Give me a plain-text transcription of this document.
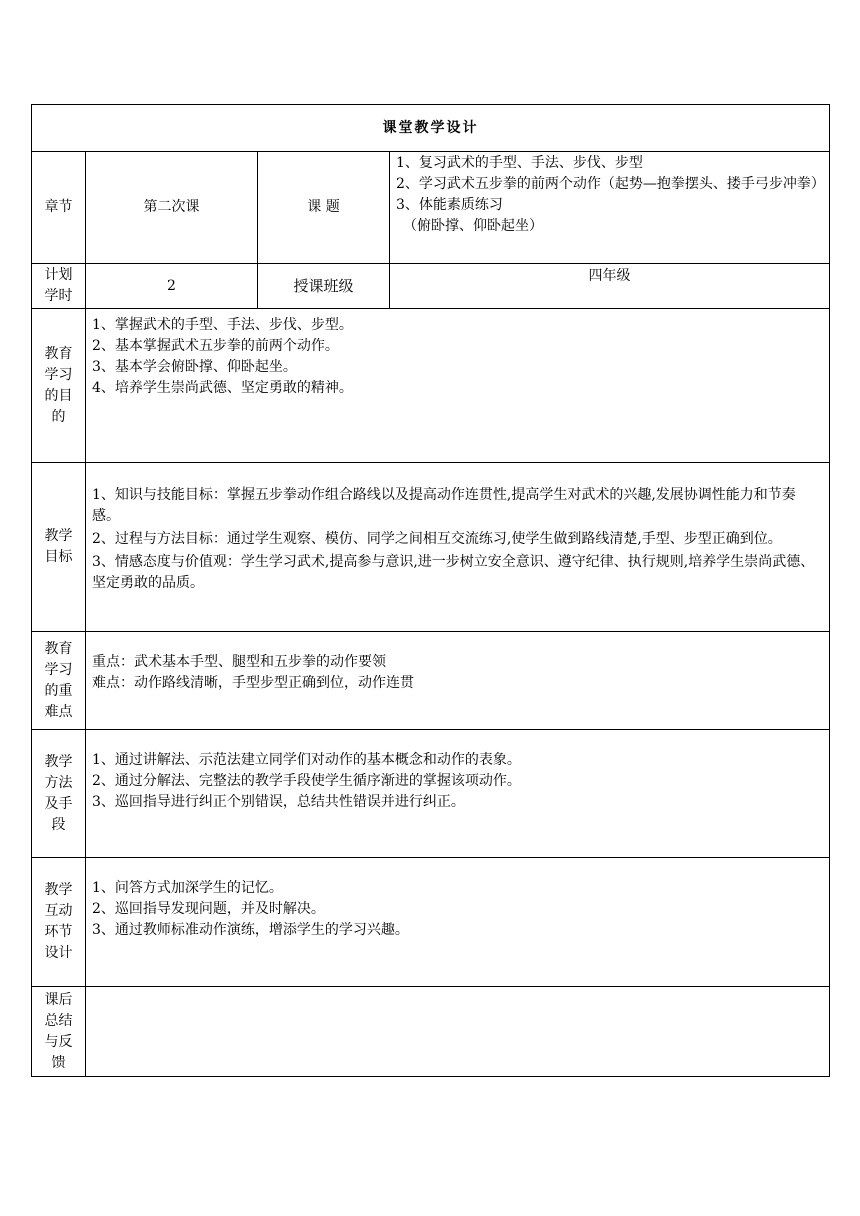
课堂教学设计			
章节	第二次课	课 题	1、复习武术的手型、手法、步伐、步型
2、学习武术五步拳的前两个动作（起势—抱拳摆头、搂手弓步冲拳）
3、体能素质练习
（俯卧撑、仰卧起坐）

计划学时	2	授课班级	四年级
教育学习的目的	1、掌握武术的手型、手法、步伐、步型。
2、基本掌握武术五步拳的前两个动作。
3、基本学会俯卧撑、仰卧起坐。
4、培养学生崇尚武德、坚定勇敢的精神。		

教学目标	1、知识与技能目标：掌握五步拳动作组合路线以及提高动作连贯性,提高学生对武术的兴趣,发展协调性能力和节奏感。
2、过程与方法目标：通过学生观察、模仿、同学之间相互交流练习,使学生做到路线清楚,手型、步型正确到位。
3、情感态度与价值观：学生学习武术,提高参与意识,进一步树立安全意识、遵守纪律、执行规则,培养学生崇尚武德、坚定勇敢的品质。		

教育学习的重难点	重点：武术基本手型、腿型和五步拳的动作要领
难点：动作路线清晰，手型步型正确到位，动作连贯		

教学方法及手段	1、通过讲解法、示范法建立同学们对动作的基本概念和动作的表象。
2、通过分解法、完整法的教学手段使学生循序渐进的掌握该项动作。
3、巡回指导进行纠正个别错误，总结共性错误并进行纠正。		

教学互动环节设计	1、问答方式加深学生的记忆。
2、巡回指导发现问题，并及时解决。
3、通过教师标准动作演练，增添学生的学习兴趣。		

课后总结与反馈			
